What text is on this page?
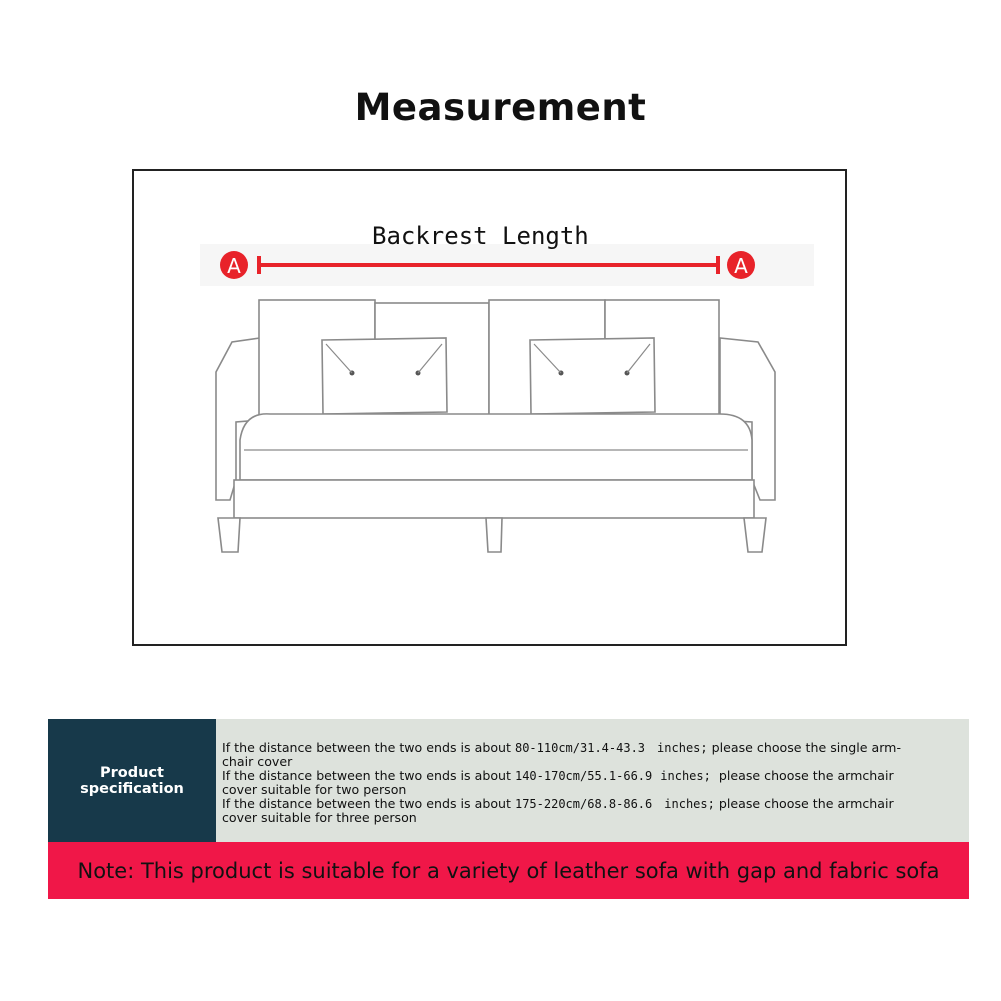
Measurement
A	A
Backrest Length
Product specification
If the distance between the two ends is about 80-110cm/31.4-43.3 inches; please choose the single arm-
chair cover
If the distance between the two ends is about 140-170cm/55.1-66.9 inches; please choose the armchair
cover suitable for two person
If the distance between the two ends is about 175-220cm/68.8-86.6 inches; please choose the armchair
cover suitable for three person
Note: This product is suitable for a variety of leather sofa with gap and fabric sofa
